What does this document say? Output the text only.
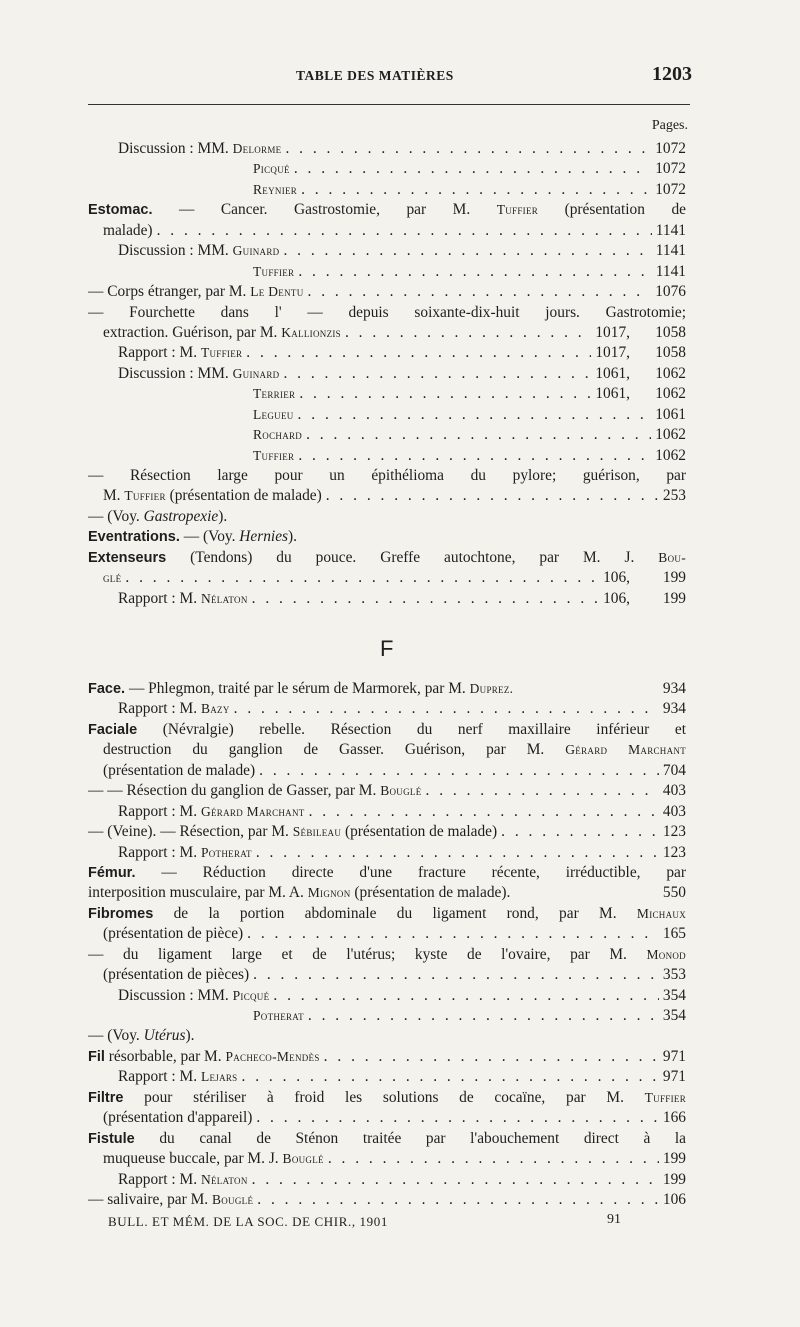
TABLE DES MATIÈRES	1203
Pages.
Discussion : MM. Delorme . . .	1072
Picqué . . .	1072
Reynier . . .	1072
Estomac. — Cancer. Gastrostomie, par M. Tuffier (présentation de
malade) . . .	1141
Discussion : MM. Guinard . . .	1141
Tuffier . . .	1141
— Corps étranger, par M. Le Dentu . . .	1076
— Fourchette dans l' — depuis soixante-dix-huit jours. Gastrotomie;
extraction. Guérison, par M. Kallionzis . . .	1017,	1058
Rapport : M. Tuffier . . .	1017,	1058
Discussion : MM. Guinard . . .	1061,	1062
Terrier . . .	1061,	1062
Legueu . . .	1061
Rochard . . .	1062
Tuffier . . .	1062
— Résection large pour un épithélioma du pylore; guérison, par
M. Tuffier (présentation de malade) . . .	253
— (Voy. Gastropexie).
Eventrations. — (Voy. Hernies).
Extenseurs (Tendons) du pouce. Greffe autochtone, par M. J. Bou-
glé . . .	106,	199
Rapport : M. Nélaton . . .	106,	199
F
Face. — Phlegmon, traité par le sérum de Marmorek, par M. Duprez.	934
Rapport : M. Bazy . . .	934
Faciale (Névralgie) rebelle. Résection du nerf maxillaire inférieur et
destruction du ganglion de Gasser. Guérison, par M. Gérard Marchant
(présentation de malade) . . .	704
— — Résection du ganglion de Gasser, par M. Bouglé . . .	403
Rapport : M. Gérard Marchant . . .	403
— (Veine). — Résection, par M. Sébileau (présentation de malade) . . .	123
Rapport : M. Potherat . . .	123
Fémur. — Réduction directe d'une fracture récente, irréductible, par
interposition musculaire, par M. A. Mignon (présentation de malade).	550
Fibromes de la portion abdominale du ligament rond, par M. Michaux
(présentation de pièce) . . .	165
— du ligament large et de l'utérus; kyste de l'ovaire, par M. Monod
(présentation de pièces) . . .	353
Discussion : MM. Picqué . . .	354
Potherat . . .	354
— (Voy. Utérus).
Fil résorbable, par M. Pacheco-Mendès . . .	971
Rapport : M. Lejars . . .	971
Filtre pour stériliser à froid les solutions de cocaïne, par M. Tuffier
(présentation d'appareil) . . .	166
Fistule du canal de Sténon traitée par l'abouchement direct à la
muqueuse buccale, par M. J. Bouglé . . .	199
Rapport : M. Nélaton . . .	199
— salivaire, par M. Bouglé . . .	106
BULL. ET MÉM. DE LA SOC. DE CHIR., 1901	91
